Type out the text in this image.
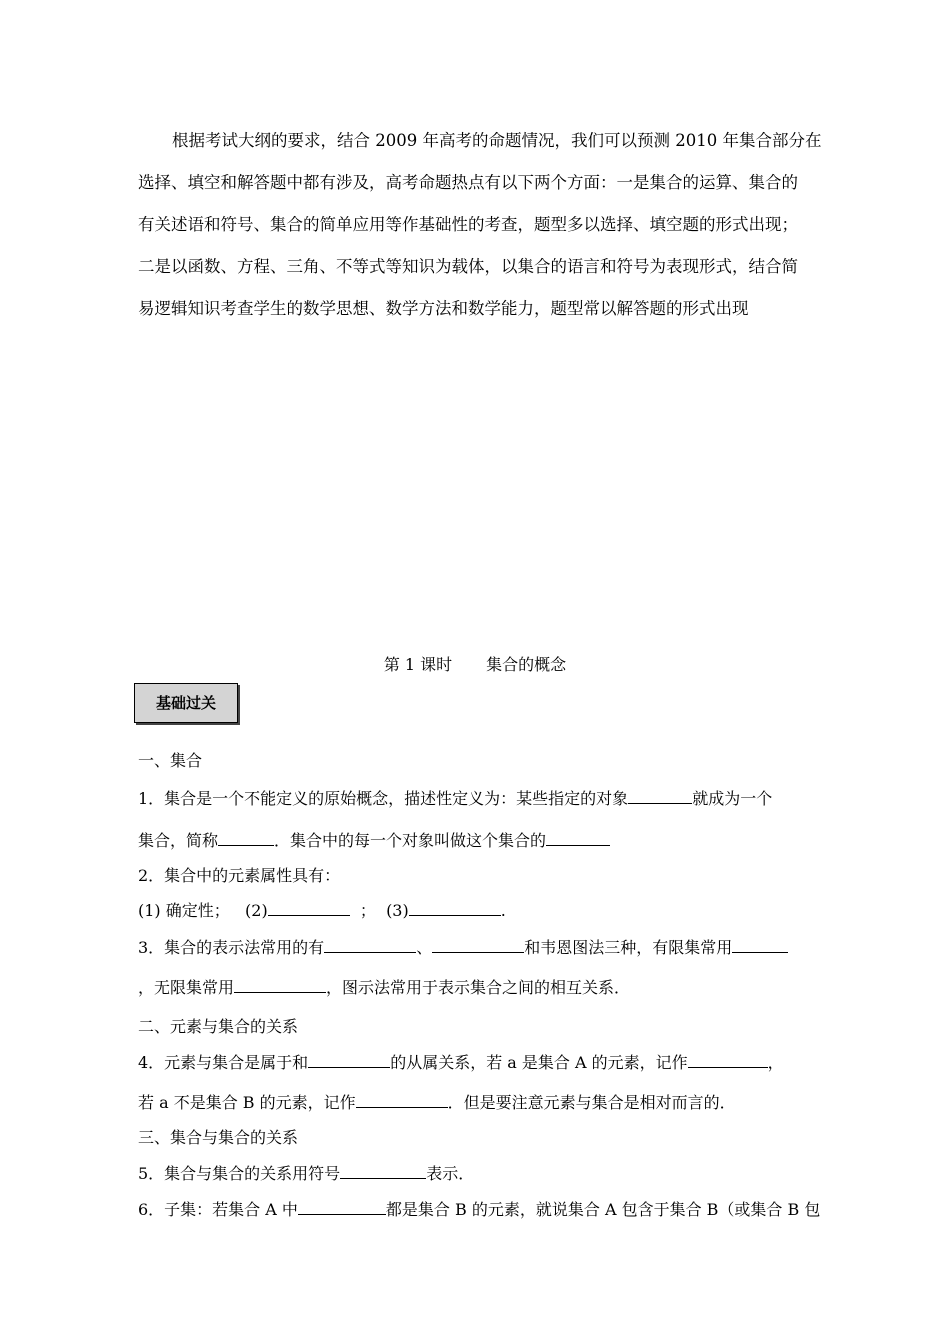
根据考试大纲的要求，结合 2009 年高考的命题情况，我们可以预测 2010 年集合部分在
选择、填空和解答题中都有涉及，高考命题热点有以下两个方面：一是集合的运算、集合的
有关述语和符号、集合的简单应用等作基础性的考查，题型多以选择、填空题的形式出现；
二是以函数、方程、三角、不等式等知识为载体，以集合的语言和符号为表现形式，结合简
易逻辑知识考查学生的数学思想、数学方法和数学能力，题型常以解答题的形式出现
第 1 课时 集合的概念
基础过关
一、集合
1．集合是一个不能定义的原始概念，描述性定义为：某些指定的对象	就成为一个
集合，简称	．集合中的每一个对象叫做这个集合的
2．集合中的元素属性具有：
(1) 确定性； (2)	； (3)	.
3．集合的表示法常用的有	、	和韦恩图法三种，有限集常用
，无限集常用	，图示法常用于表示集合之间的相互关系．
二、元素与集合的关系
4．元素与集合是属于和	的从属关系，若 a 是集合 A 的元素，记作	，
若 a 不是集合 B 的元素，记作	．但是要注意元素与集合是相对而言的．
三、集合与集合的关系
5．集合与集合的关系用符号	表示．
6．子集：若集合 A 中	都是集合 B 的元素，就说集合 A 包含于集合 B（或集合 B 包
